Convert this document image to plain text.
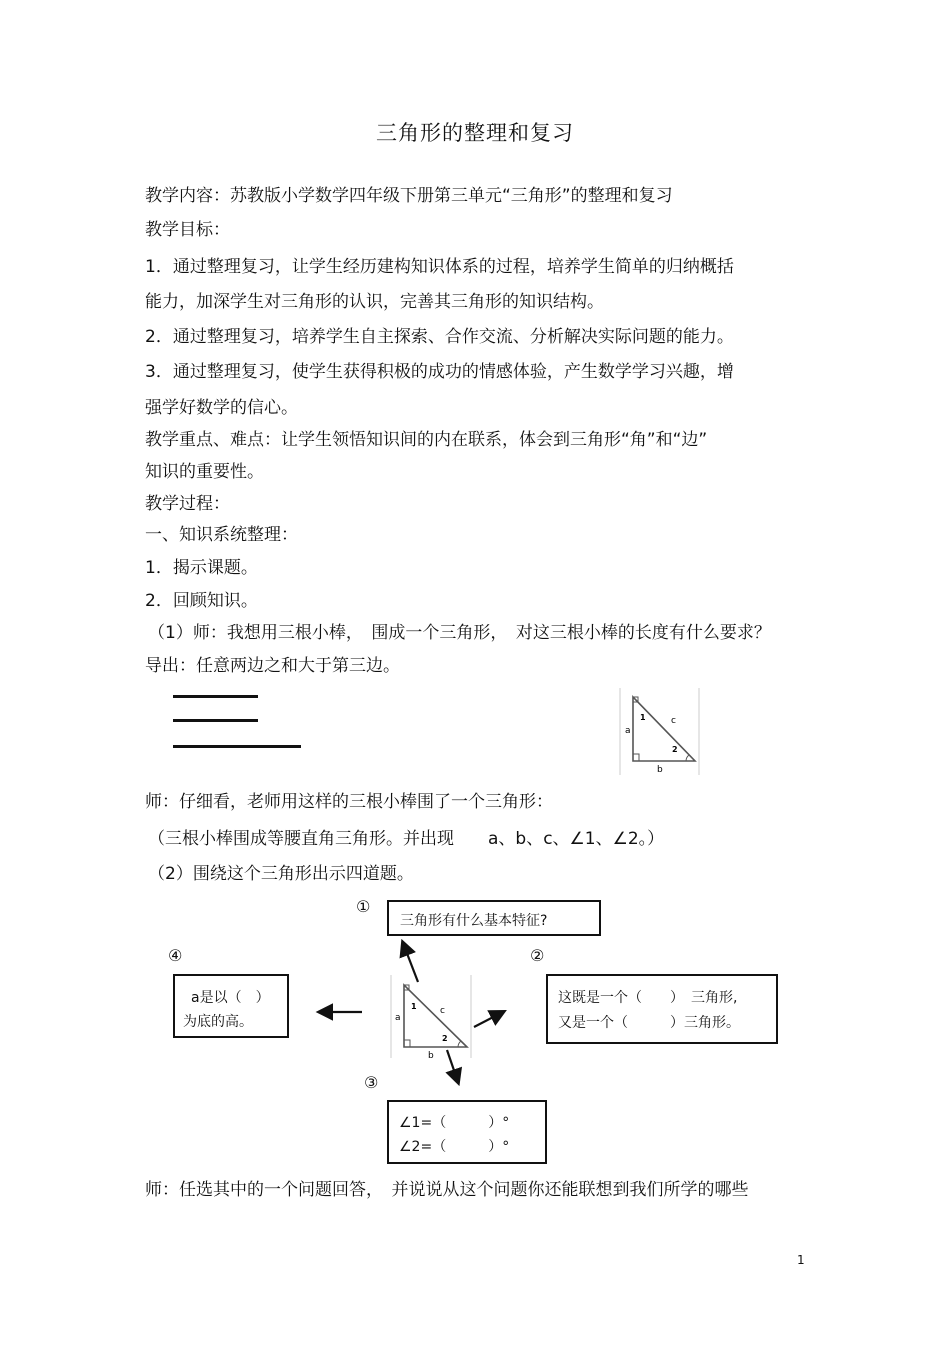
三角形的整理和复习
教学内容：苏教版小学数学四年级下册第三单元“三角形”的整理和复习
教学目标：
1．通过整理复习，让学生经历建构知识体系的过程，培养学生简单的归纳概括
能力，加深学生对三角形的认识，完善其三角形的知识结构。
2．通过整理复习，培养学生自主探索、合作交流、分析解决实际问题的能力。
3．通过整理复习，使学生获得积极的成功的情感体验，产生数学学习兴趣，增
强学好数学的信心。
教学重点、难点：让学生领悟知识间的内在联系，体会到三角形“角”和“边”
知识的重要性。
教学过程：
一、知识系统整理：
1．揭示课题。
2．回顾知识。
（1）师：我想用三根小棒，　围成一个三角形，　对这三根小棒的长度有什么要求？
导出：任意两边之和大于第三边。
a
1	c
2
b
师：仔细看，老师用这样的三根小棒围了一个三角形：
（三根小棒围成等腰直角三角形。并出现　　a、b、c、∠1、∠2。）
（2）围绕这个三角形出示四道题。
①
三角形有什么基本特征?
④
a是以（　）
为底的高。
②
这既是一个（　　）　三角形,
又是一个（　　　）三角形。
③
∠1=（　　　）°
∠2=（　　　）°
a
1	c
2
b
师：任选其中的一个问题回答，　并说说从这个问题你还能联想到我们所学的哪些
1
